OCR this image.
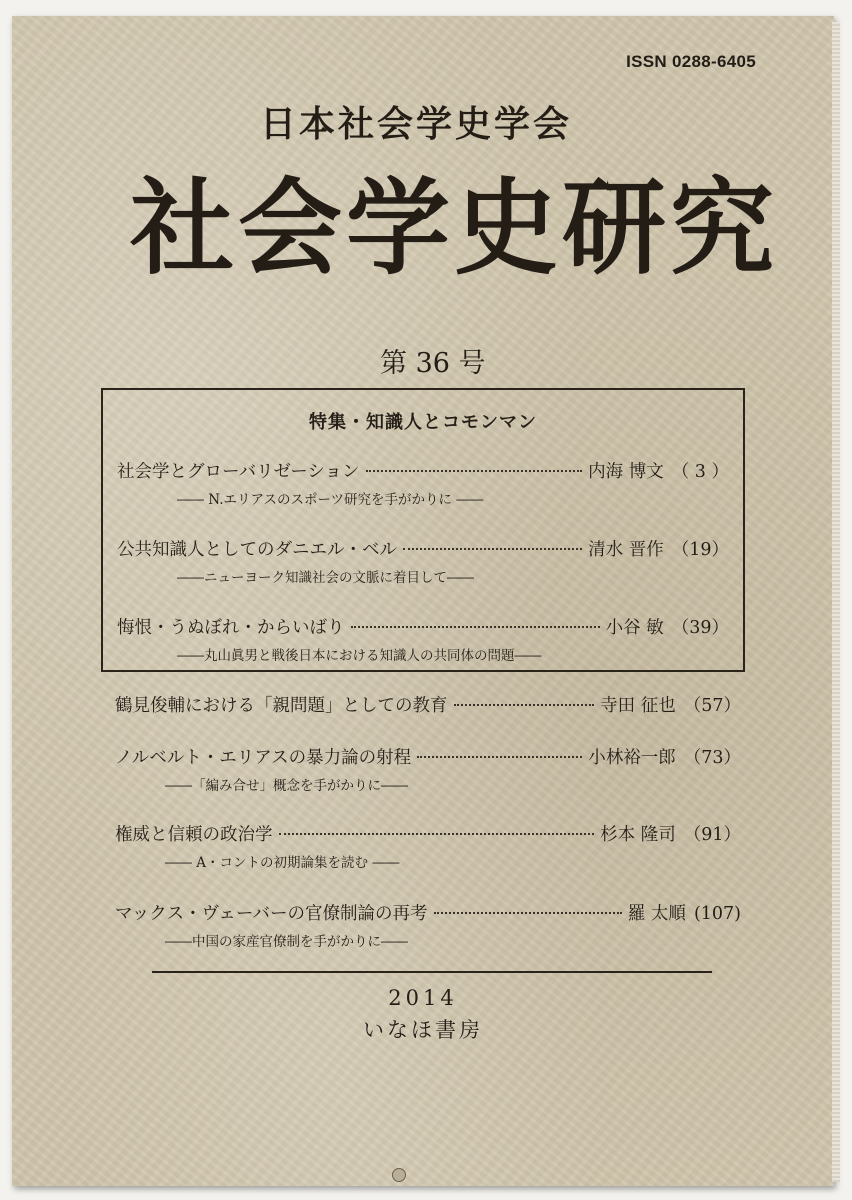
ISSN 0288-6405
日本社会学史学会
社会学史研究
第 36 号
特集・知識人とコモンマン
社会学とグローバリゼーション	内海 博文 （ 3 ）
―― N.エリアスのスポーツ研究を手がかりに ――
公共知識人としてのダニエル・ベル	清水 晋作 （19）
――ニューヨーク知識社会の文脈に着目して――
悔恨・うぬぼれ・からいばり	小谷 敏 （39）
――丸山眞男と戦後日本における知識人の共同体の問題――
鶴見俊輔における「親問題」としての教育	寺田 征也 （57）
ノルベルト・エリアスの暴力論の射程	小林裕一郎 （73）
――「編み合せ」概念を手がかりに――
権威と信頼の政治学	杉本 隆司 （91）
―― A・コントの初期論集を読む ――
マックス・ヴェーバーの官僚制論の再考	羅 太順 (107)
――中国の家産官僚制を手がかりに――
2014
いなほ書房
